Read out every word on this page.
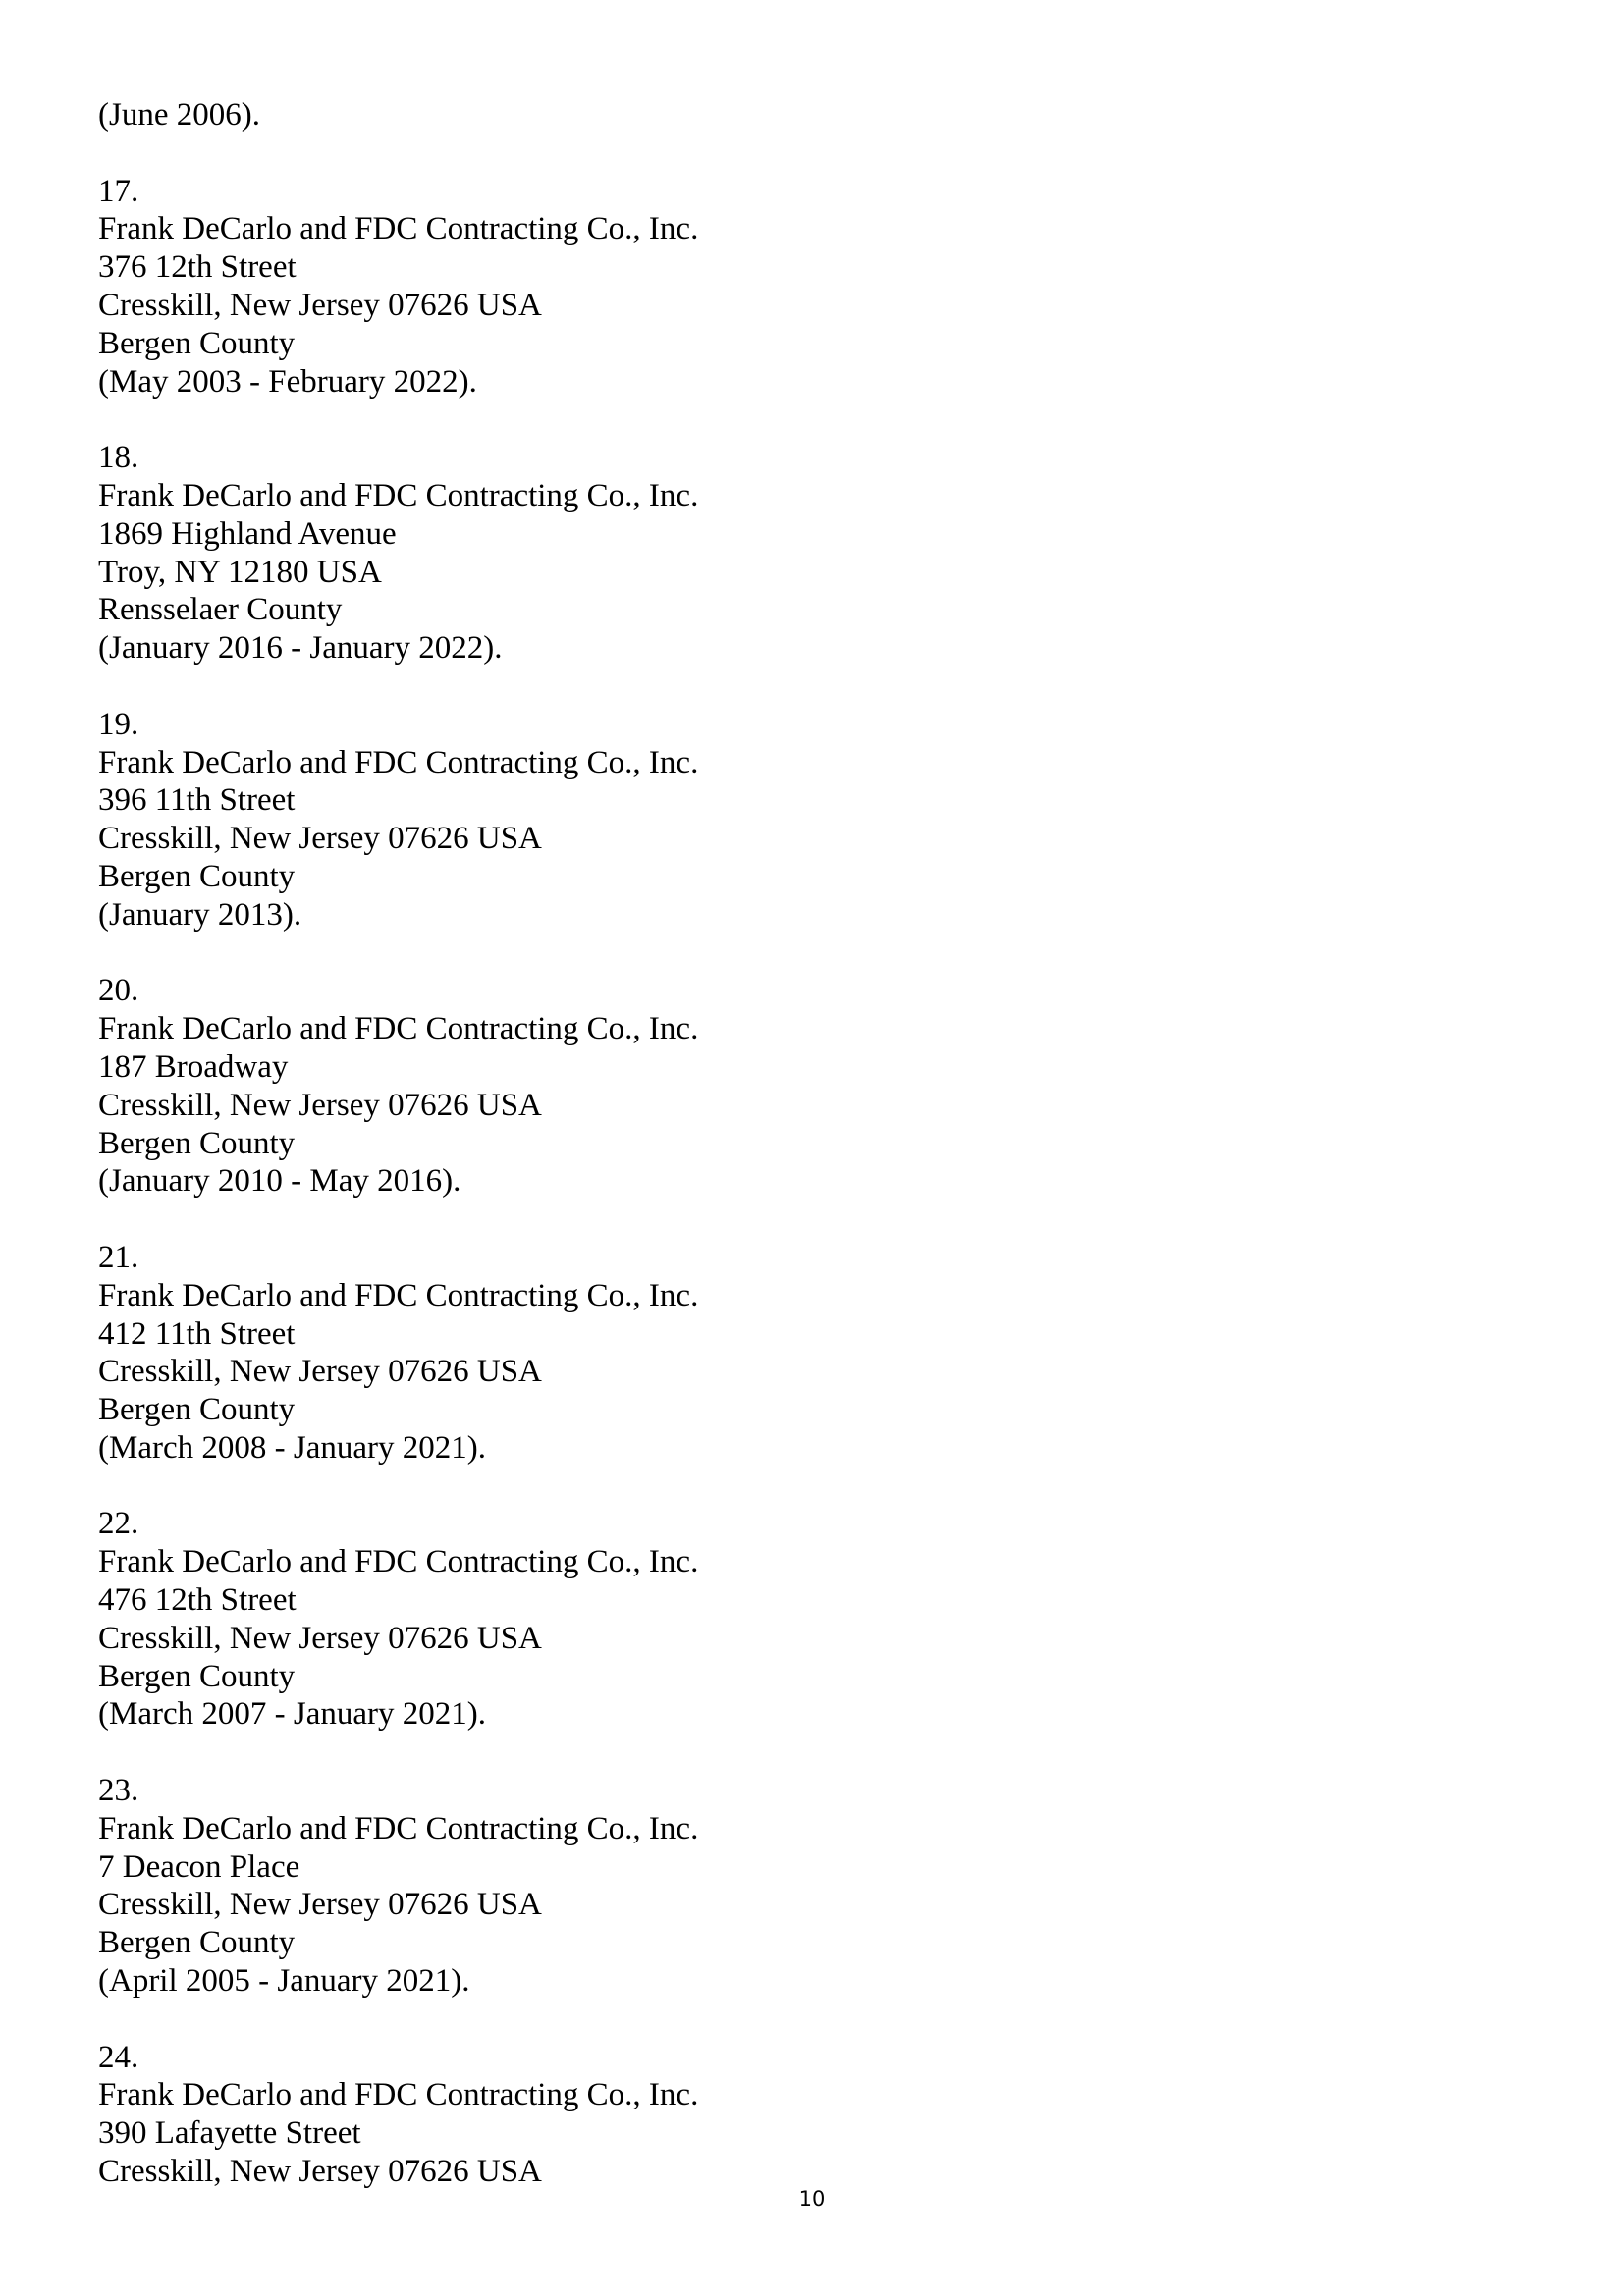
(June 2006).
17.
Frank DeCarlo and FDC Contracting Co., Inc.
376 12th Street
Cresskill, New Jersey 07626 USA
Bergen County
(May 2003 - February 2022).
18.
Frank DeCarlo and FDC Contracting Co., Inc.
1869 Highland Avenue
Troy, NY 12180 USA
Rensselaer County
(January 2016 - January 2022).
19.
Frank DeCarlo and FDC Contracting Co., Inc.
396 11th Street
Cresskill, New Jersey 07626 USA
Bergen County
(January 2013).
20.
Frank DeCarlo and FDC Contracting Co., Inc.
187 Broadway
Cresskill, New Jersey 07626 USA
Bergen County
(January 2010 - May 2016).
21.
Frank DeCarlo and FDC Contracting Co., Inc.
412 11th Street
Cresskill, New Jersey 07626 USA
Bergen County
(March 2008 - January 2021).
22.
Frank DeCarlo and FDC Contracting Co., Inc.
476 12th Street
Cresskill, New Jersey 07626 USA
Bergen County
(March 2007 - January 2021).
23.
Frank DeCarlo and FDC Contracting Co., Inc.
7 Deacon Place
Cresskill, New Jersey 07626 USA
Bergen County
(April 2005 - January 2021).
24.
Frank DeCarlo and FDC Contracting Co., Inc.
390 Lafayette Street
Cresskill, New Jersey 07626 USA
10
